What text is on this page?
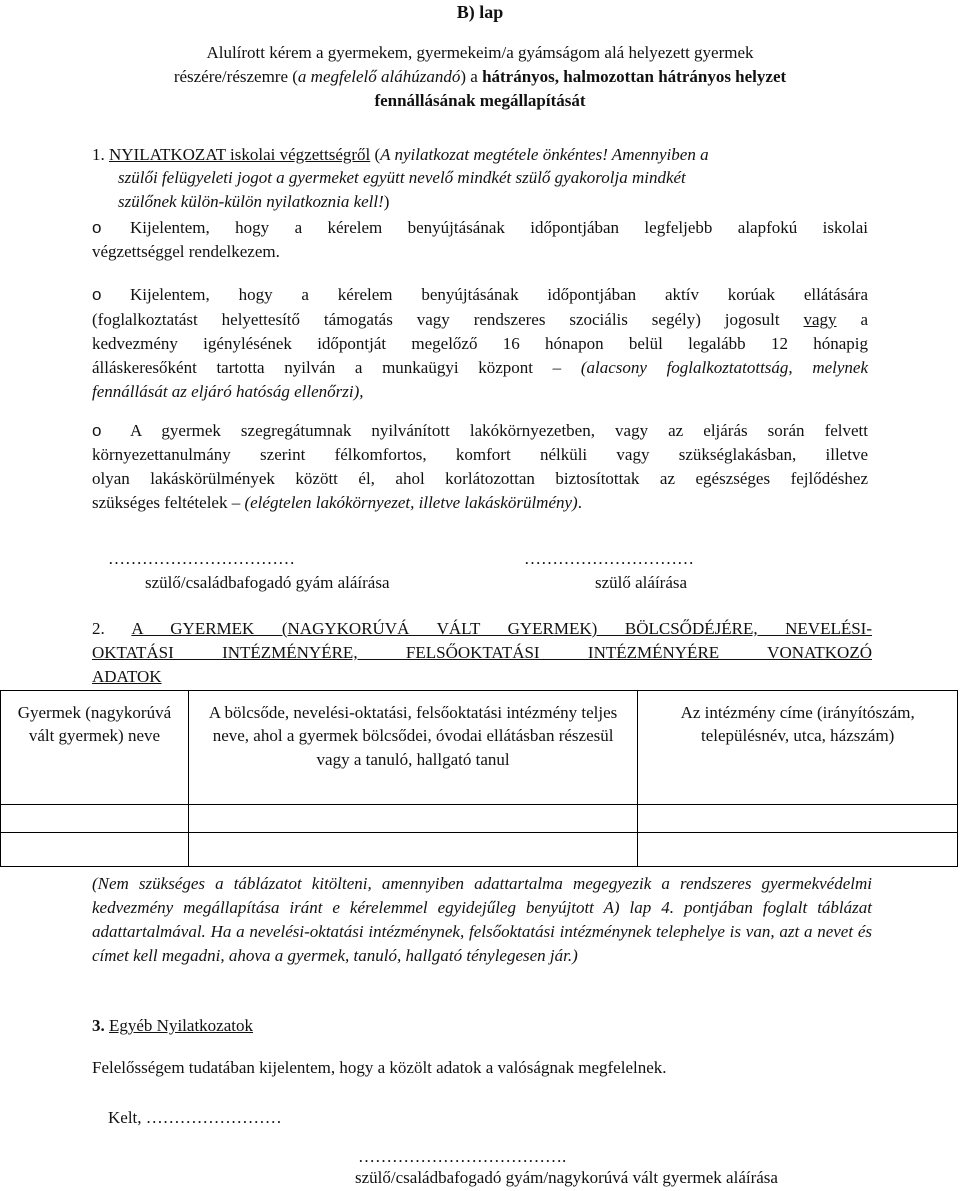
B) lap
Alulírott kérem a gyermekem, gyermekeim/a gyámságom alá helyezett gyermek
részére/részemre (a megfelelő aláhúzandó) a hátrányos, halmozottan hátrányos helyzet
fennállásának megállapítását
1. NYILATKOZAT iskolai végzettségről (A nyilatkozat megtétele önkéntes! Amennyiben a
szülői felügyeleti jogot a gyermeket együtt nevelő mindkét szülő gyakorolja mindkét
szülőnek külön-külön nyilatkoznia kell!)
o Kijelentem, hogy a kérelem benyújtásának időpontjában legfeljebb alapfokú iskolai
végzettséggel rendelkezem.
o Kijelentem, hogy a kérelem benyújtásának időpontjában aktív korúak ellátására
(foglalkoztatást helyettesítő támogatás vagy rendszeres szociális segély) jogosult vagy a
kedvezmény igénylésének időpontját megelőző 16 hónapon belül legalább 12 hónapig
álláskeresőként tartotta nyilván a munkaügyi központ – (alacsony foglalkoztatottság, melynek
fennállását az eljáró hatóság ellenőrzi),
o A gyermek szegregátumnak nyilvánított lakókörnyezetben, vagy az eljárás során felvett
környezettanulmány szerint félkomfortos, komfort nélküli vagy szükséglakásban, illetve
olyan lakáskörülmények között él, ahol korlátozottan biztosítottak az egészséges fejlődéshez
szükséges feltételek – (elégtelen lakókörnyezet, illetve lakáskörülmény).
……………………………	…………………………
szülő/családbafogadó gyám aláírása	szülő aláírása
2. A GYERMEK (NAGYKORÚVÁ VÁLT GYERMEK) BÖLCSŐDÉJÉRE, NEVELÉSI-
OKTATÁSI INTÉZMÉNYÉRE, FELSŐOKTATÁSI INTÉZMÉNYÉRE VONATKOZÓ
ADATOK
Gyermek (nagykorúvá vált gyermek) neve	A bölcsőde, nevelési-oktatási, felsőoktatási intézmény teljes neve, ahol a gyermek bölcsődei, óvodai ellátásban részesül vagy a tanuló, hallgató tanul	Az intézmény címe (irányítószám, településnév, utca, házszám)

(Nem szükséges a táblázatot kitölteni, amennyiben adattartalma megegyezik a rendszeres gyermekvédelmi kedvezmény megállapítása iránt e kérelemmel egyidejűleg benyújtott A) lap 4. pontjában foglalt táblázat adattartalmával. Ha a nevelési-oktatási intézménynek, felsőoktatási intézménynek telephelye is van, azt a nevet és címet kell megadni, ahova a gyermek, tanuló, hallgató ténylegesen jár.)
3. Egyéb Nyilatkozatok
Felelősségem tudatában kijelentem, hogy a közölt adatok a valóságnak megfelelnek.
Kelt, ……………………
……………………………….
szülő/családbafogadó gyám/nagykorúvá vált gyermek aláírása
